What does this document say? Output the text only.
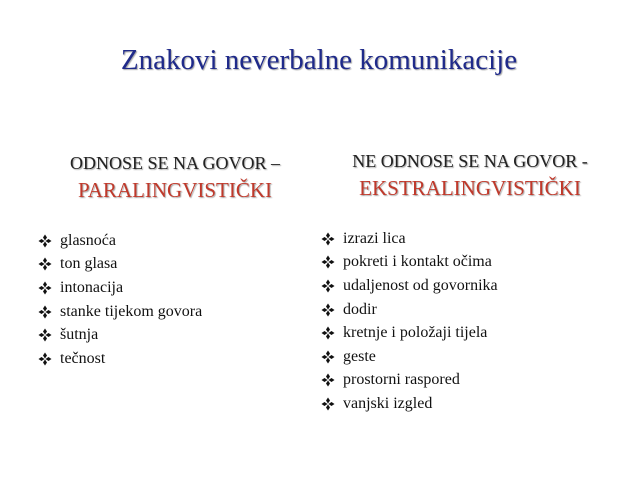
Znakovi neverbalne komunikacije
ODNOSE SE NA GOVOR –
PARALINGVISTIČKI
NE ODNOSE SE NA GOVOR -
EKSTRALINGVISTIČKI
glasnoća
ton glasa
intonacija
stanke tijekom govora
šutnja
tečnost
izrazi lica
pokreti i kontakt očima
udaljenost od govornika
dodir
kretnje i položaji tijela
geste
prostorni raspored
vanjski izgled
